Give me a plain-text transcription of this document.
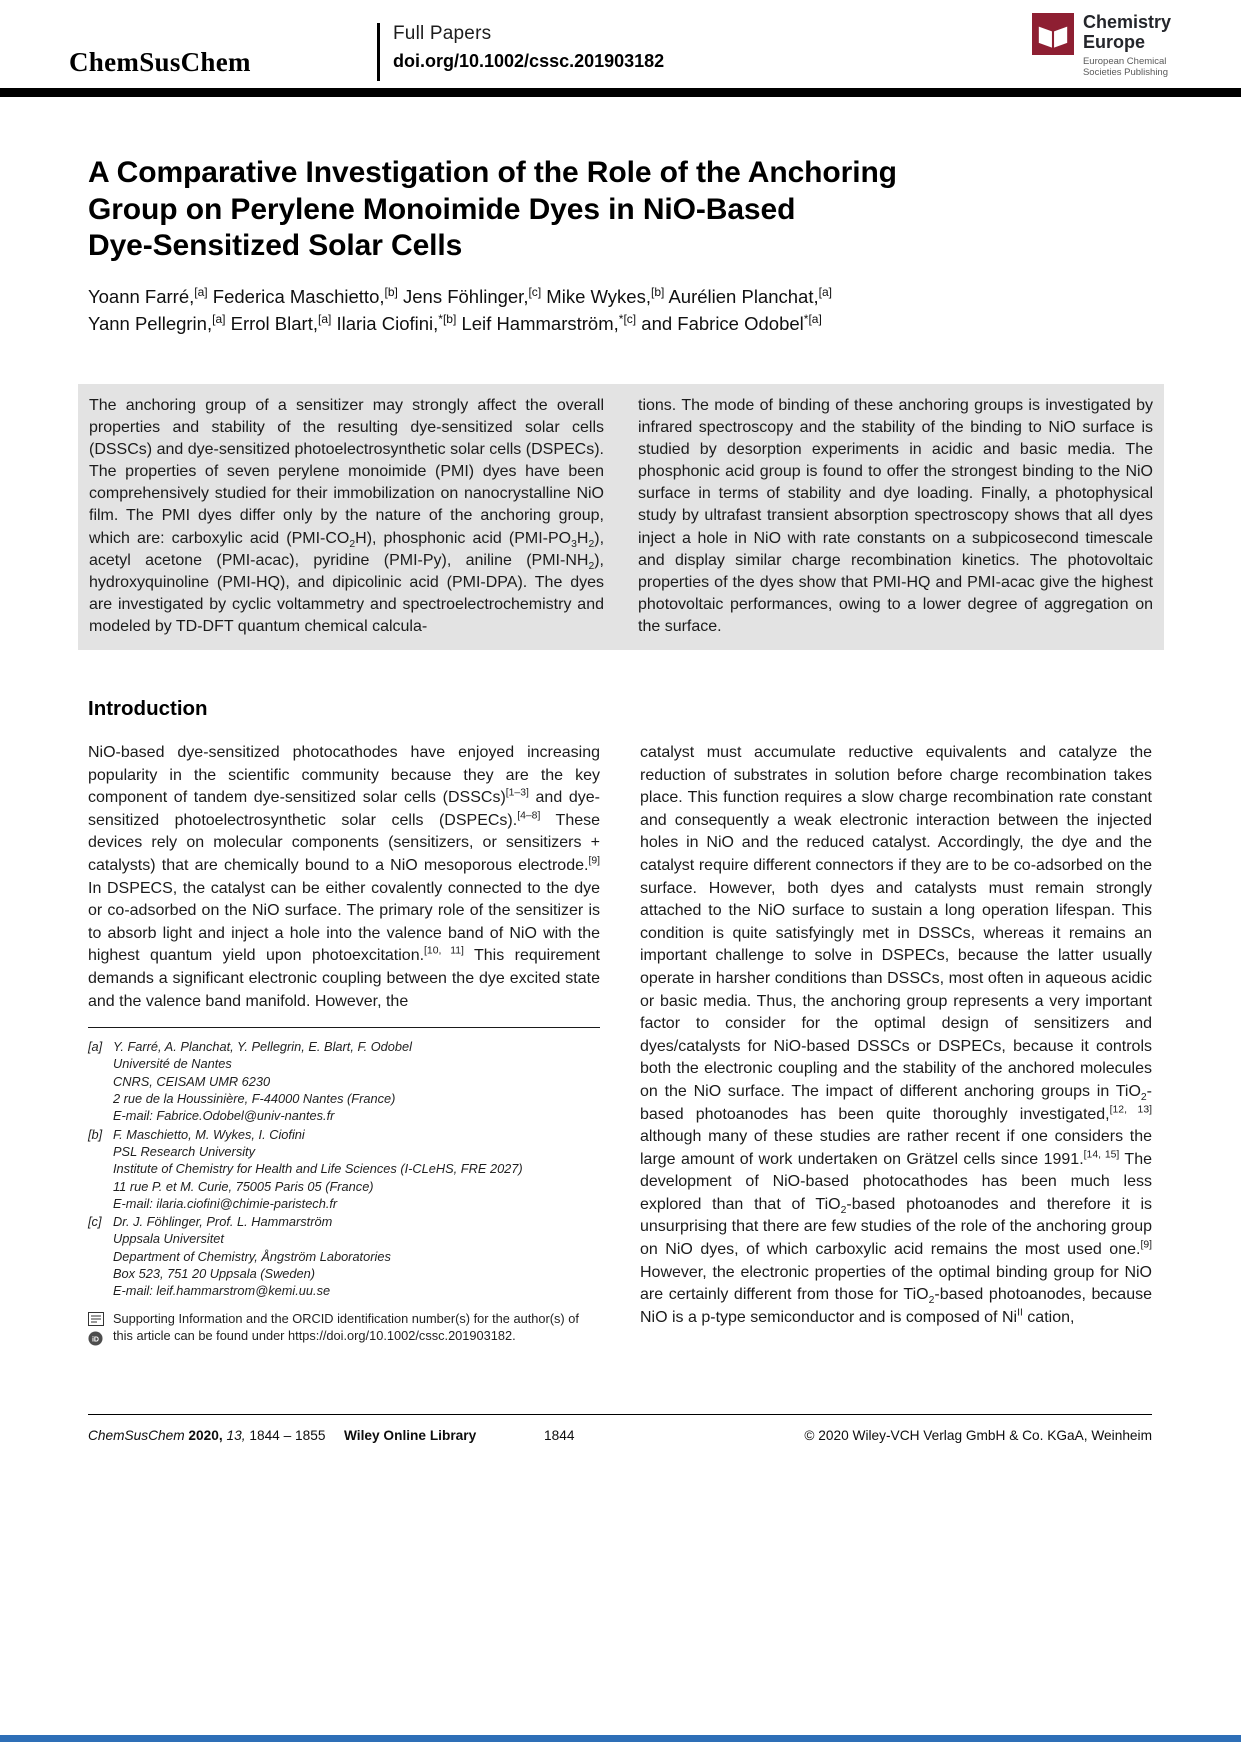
ChemSusChem
Full Papers
doi.org/10.1002/cssc.201903182
Chemistry
Europe
European Chemical
Societies Publishing
A Comparative Investigation of the Role of the Anchoring
Group on Perylene Monoimide Dyes in NiO-Based
Dye-Sensitized Solar Cells
Yoann Farré,[a] Federica Maschietto,[b] Jens Föhlinger,[c] Mike Wykes,[b] Aurélien Planchat,[a]
Yann Pellegrin,[a] Errol Blart,[a] Ilaria Ciofini,$^{*[b]}$ Leif Hammarström,$^{*[c]}$ and Fabrice Odobel$^{*[a]}$
The anchoring group of a sensitizer may strongly affect the overall properties and stability of the resulting dye-sensitized solar cells (DSSCs) and dye-sensitized photoelectrosynthetic solar cells (DSPECs). The properties of seven perylene monoimide (PMI) dyes have been comprehensively studied for their immobilization on nanocrystalline NiO film. The PMI dyes differ only by the nature of the anchoring group, which are: carboxylic acid $(PMI-CO_2H)$, phosphonic acid $(PMI-PO_3H_2)$, acetyl acetone (PMI-acac), pyridine (PMI-Py), aniline $(PMI-NH_2)$, hydroxyquinoline (PMI-HQ), and dipicolinic acid (PMI-DPA). The dyes are investigated by cyclic voltammetry and spectroelectrochemistry and modeled by TD-DFT quantum chemical calcula-
tions. The mode of binding of these anchoring groups is investigated by infrared spectroscopy and the stability of the binding to NiO surface is studied by desorption experiments in acidic and basic media. The phosphonic acid group is found to offer the strongest binding to the NiO surface in terms of stability and dye loading. Finally, a photophysical study by ultrafast transient absorption spectroscopy shows that all dyes inject a hole in NiO with rate constants on a subpicosecond timescale and display similar charge recombination kinetics. The photovoltaic properties of the dyes show that PMI-HQ and PMI-acac give the highest photovoltaic performances, owing to a lower degree of aggregation on the surface.
Introduction
NiO-based dye-sensitized photocathodes have enjoyed increasing popularity in the scientific community because they are the key component of tandem dye-sensitized solar cells (DSSCs)[1–3] and dye-sensitized photoelectrosynthetic solar cells (DSPECs).[4–8] These devices rely on molecular components (sensitizers, or sensitizers + catalysts) that are chemically bound to a NiO mesoporous electrode.[9] In DSPECS, the catalyst can be either covalently connected to the dye or co-adsorbed on the NiO surface. The primary role of the sensitizer is to absorb light and inject a hole into the valence band of NiO with the highest quantum yield upon photoexcitation.[10, 11] This requirement demands a significant electronic coupling between the dye excited state and the valence band manifold. However, the
[a] Y. Farré, A. Planchat, Y. Pellegrin, E. Blart, F. Odobel
Université de Nantes
CNRS, CEISAM UMR 6230
2 rue de la Houssinière, F-44000 Nantes (France)
E-mail: Fabrice.Odobel@univ-nantes.fr
[b] F. Maschietto, M. Wykes, I. Ciofini
PSL Research University
Institute of Chemistry for Health and Life Sciences (I-CLeHS, FRE 2027)
11 rue P. et M. Curie, 75005 Paris 05 (France)
E-mail: ilaria.ciofini@chimie-paristech.fr
[c] Dr. J. Föhlinger, Prof. L. Hammarström
Uppsala Universitet
Department of Chemistry, Ångström Laboratories
Box 523, 751 20 Uppsala (Sweden)
E-mail: leif.hammarstrom@kemi.uu.se
iD
Supporting Information and the ORCID identification number(s) for the author(s) of this article can be found under https://doi.org/10.1002/cssc.201903182.
catalyst must accumulate reductive equivalents and catalyze the reduction of substrates in solution before charge recombination takes place. This function requires a slow charge recombination rate constant and consequently a weak electronic interaction between the injected holes in NiO and the reduced catalyst. Accordingly, the dye and the catalyst require different connectors if they are to be co-adsorbed on the surface. However, both dyes and catalysts must remain strongly attached to the NiO surface to sustain a long operation lifespan. This condition is quite satisfyingly met in DSSCs, whereas it remains an important challenge to solve in DSPECs, because the latter usually operate in harsher conditions than DSSCs, most often in aqueous acidic or basic media. Thus, the anchoring group represents a very important factor to consider for the optimal design of sensitizers and dyes/catalysts for NiO-based DSSCs or DSPECs, because it controls both the electronic coupling and the stability of the anchored molecules on the NiO surface. The impact of different anchoring groups in TiO$_2$-based photoanodes has been quite thoroughly investigated,[12, 13] although many of these studies are rather recent if one considers the large amount of work undertaken on Grätzel cells since 1991.[14, 15] The development of NiO-based photocathodes has been much less explored than that of TiO$_2$-based photoanodes and therefore it is unsurprising that there are few studies of the role of the anchoring group on NiO dyes, of which carboxylic acid remains the most used one.[9] However, the electronic properties of the optimal binding group for NiO are certainly different from those for TiO$_2$-based photoanodes, because NiO is a p-type semiconductor and is composed of $Ni^{II}$ cation,
ChemSusChem 2020, 13, 1844 – 1855	Wiley Online Library	1844	© 2020 Wiley-VCH Verlag GmbH & Co. KGaA, Weinheim
